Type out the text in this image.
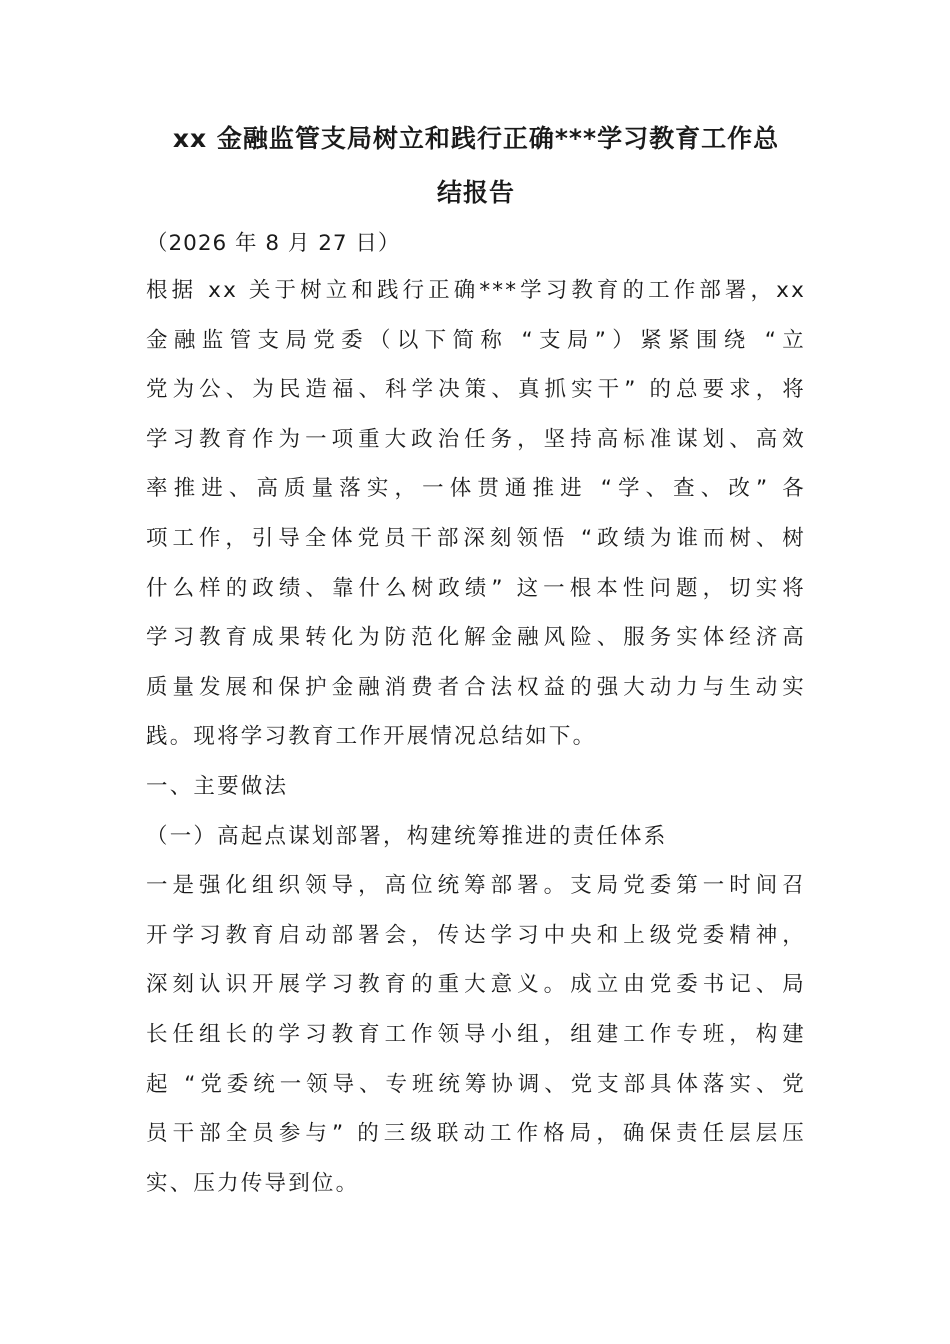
xx 金融监管支局树立和践行正确***学习教育工作总
结报告
（2026 年 8 月 27 日）
根据 xx 关于树立和践行正确***学习教育的工作部署，xx
金融监管支局党委（以下简称 “支局”）紧紧围绕 “立
党为公、为民造福、科学决策、真抓实干” 的总要求，将
学习教育作为一项重大政治任务，坚持高标准谋划、高效
率推进、高质量落实，一体贯通推进 “学、查、改” 各
项工作，引导全体党员干部深刻领悟 “政绩为谁而树、树
什么样的政绩、靠什么树政绩” 这一根本性问题，切实将
学习教育成果转化为防范化解金融风险、服务实体经济高
质量发展和保护金融消费者合法权益的强大动力与生动实
践。现将学习教育工作开展情况总结如下。
一、主要做法
（一）高起点谋划部署，构建统筹推进的责任体系
一是强化组织领导，高位统筹部署。支局党委第一时间召
开学习教育启动部署会，传达学习中央和上级党委精神，
深刻认识开展学习教育的重大意义。成立由党委书记、局
长任组长的学习教育工作领导小组，组建工作专班，构建
起 “党委统一领导、专班统筹协调、党支部具体落实、党
员干部全员参与” 的三级联动工作格局，确保责任层层压
实、压力传导到位。
